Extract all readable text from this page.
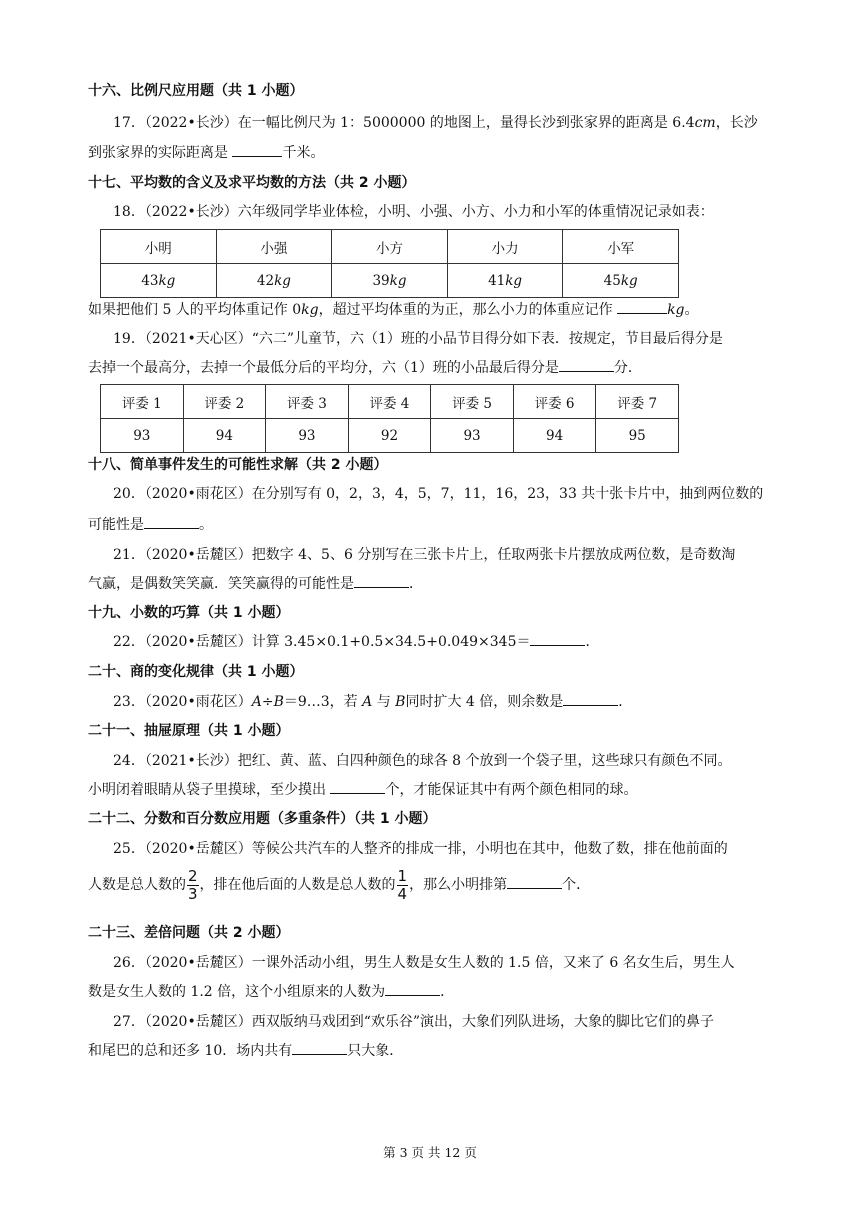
十六、比例尺应用题（共 1 小题）
17．（2022•长沙）在一幅比例尺为 1：5000000 的地图上，量得长沙到张家界的距离是 6.4cm，长沙
到张家界的实际距离是	千米。
十七、平均数的含义及求平均数的方法（共 2 小题）
18．（2022•长沙）六年级同学毕业体检，小明、小强、小方、小力和小军的体重情况记录如表：
小明	小强	小方	小力	小军
43kg	42kg	39kg	41kg	45kg
如果把他们 5 人的平均体重记作 0kg，超过平均体重的为正，那么小力的体重应记作	kg。
19．（2021•天心区）“六二”儿童节，六（1）班的小品节目得分如下表．按规定，节目最后得分是
去掉一个最高分，去掉一个最低分后的平均分，六（1）班的小品最后得分是	分．
评委 1	评委 2	评委 3	评委 4	评委 5	评委 6	评委 7
93	94	93	92	93	94	95
十八、简单事件发生的可能性求解（共 2 小题）
20．（2020•雨花区）在分别写有 0，2，3，4，5，7，11，16，23，33 共十张卡片中，抽到两位数的
可能性是	。
21．（2020•岳麓区）把数字 4、5、6 分别写在三张卡片上，任取两张卡片摆放成两位数，是奇数淘
气赢，是偶数笑笑赢．笑笑赢得的可能性是	．
十九、小数的巧算（共 1 小题）
22．（2020•岳麓区）计算 3.45×0.1+0.5×34.5+0.049×345＝	．
二十、商的变化规律（共 1 小题）
23．（2020•雨花区）A÷B＝9…3，若 A 与 B同时扩大 4 倍，则余数是	．
二十一、抽屉原理（共 1 小题）
24．（2021•长沙）把红、黄、蓝、白四种颜色的球各 8 个放到一个袋子里，这些球只有颜色不同。
小明闭着眼睛从袋子里摸球，至少摸出	个，才能保证其中有两个颜色相同的球。
二十二、分数和百分数应用题（多重条件）（共 1 小题）
25．（2020•岳麓区）等候公共汽车的人整齐的排成一排，小明也在其中，他数了数，排在他前面的
人数是总人数的 $\frac{2}{3}$ ，排在他后面的人数是总人数的 $\frac{1}{4}$ ，那么小明排第	个．
二十三、差倍问题（共 2 小题）
26．（2020•岳麓区）一课外活动小组，男生人数是女生人数的 1.5 倍，又来了 6 名女生后，男生人
数是女生人数的 1.2 倍，这个小组原来的人数为	．
27．（2020•岳麓区）西双版纳马戏团到“欢乐谷”演出，大象们列队进场，大象的脚比它们的鼻子
和尾巴的总和还多 10．场内共有	只大象．
第 3 页 共 12 页
